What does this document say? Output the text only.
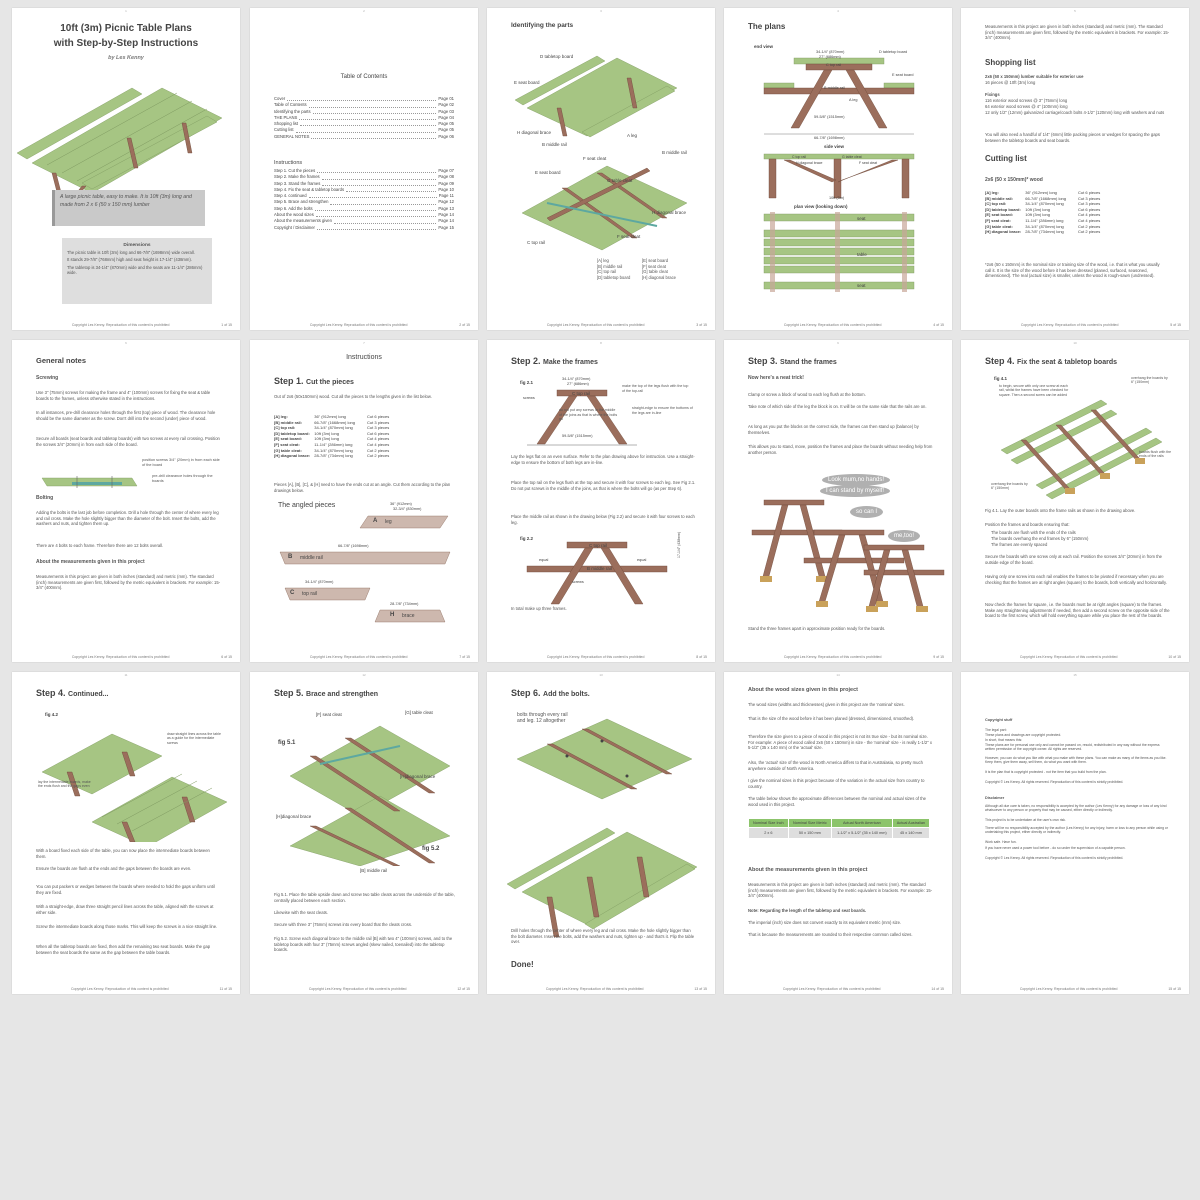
1
10ft (3m) Picnic Table Plans
with Step-by-Step Instructions
by Les Kenny
A large picnic table, easy to make. It is 10ft (3m) long and made from 2 x 6 (50 x 150 mm) lumber
Dimensions
The picnic table is 10ft (3m) long and 66-7/8" (1698mm) wide overall.
It stands 29-7/8" (768mm) high and seat height is 17-1/4" (438mm).
The tabletop is 34-1/4" (870mm) wide and the seats are 11-1/4" (286mm) wide.
Copyright Les Kenny. Reproduction of this content is prohibited	1 of 15
2
Table of Contents
Cover	Page 01
Table of Contents	Page 02
Identifying the parts	Page 03
THE PLANS	Page 04
Shopping list	Page 05
Cutting list	Page 05
GENERAL NOTES	Page 06
Instructions
Step 1. Cut the pieces	Page 07
Step 2. Make the frames	Page 08
Step 3. Stand the frames	Page 09
Step 4. Fix the seat & tabletop boards	Page 10
Step 4. continued	Page 11
Step 5. Brace and strengthen	Page 12
Step 6. Add the bolts	Page 13
About the wood sizes	Page 14
About the measurements given	Page 14
Copyright / Disclaimer	Page 15
Copyright Les Kenny. Reproduction of this content is prohibited	2 of 15
3
Identifying the parts
D tabletop board
E seat board
H diagonal brace
B middle rail
A leg
E seat board
F seat cleat
G table cleat
H diagonal brace
C top rail
F seat cleat
B middle rail
[A] leg
[B] middle rail
[C] top rail
[D] tabletop board
[E] seat board
[F] seat cleat
[G] table cleat
[H] diagonal brace
Copyright Les Kenny. Reproduction of this content is prohibited	3 of 15
4
The plans
end view
34-1/4" (870mm)
27" (686mm)
59-5/8" (1515mm)
66-7/8" (1698mm)
D tabletop board
C top rail
E seat board
B middle rail
A leg
side view
C top rail	G table cleat
H diagonal brace	F seat cleat
10ft (3m)
plan view (looking down)
seat
table
seat
Copyright Les Kenny. Reproduction of this content is prohibited	4 of 15
5
Measurements in this project are given in both inches (standard) and metric (mm). The standard (inch) measurements are given first, followed by the metric equivalent in brackets. For example: 15-3/4" (400mm).
Shopping list
2x6 (50 x 150mm) lumber suitable for exterior use
16 pieces @ 10ft (3m) long
Fixings
116 exterior wood screws @ 3" (75mm) long
64 exterior wood screws @ 4" (100mm) long
12 only 1/2" (12mm) galvanized carriage/coach bolts 4-1/2" (120mm) long with washers and nuts
You will also need a handful of 1/4" (6mm) little packing pieces or wedges for spacing the gaps between the tabletop boards and seat boards.
Cutting list
2x6 (50 x 150mm)* wood
[A] leg:	36" (912mm) long	Cut 6 pieces
[B] middle rail:	66-7/8" (1668mm) long	Cut 3 pieces
[C] top rail:	34-1/4" (870mm) long	Cut 3 pieces
[D] tabletop board:	10ft (3m) long	Cut 6 pieces
[E] seat board:	10ft (3m) long	Cut 4 pieces
[F] seat cleat:	11-1/4" (286mm) long	Cut 4 pieces
[G] table cleat:	34-1/4" (870mm) long	Cut 2 pieces
[H] diagonal brace:	28-7/8" (734mm) long	Cut 2 pieces
*2x6 (50 x 150mm) is the nominal size or training size of the wood, i.e. that is what you usually call it. It is the size of the wood before it has been dressed (planed, surfaced, seasoned, dimensioned). The real (actual size) is smaller, unless the wood is rough-sawn (undressed).
Copyright Les Kenny. Reproduction of this content is prohibited	5 of 15
6
General notes
Screwing
Use 3" (75mm) screws for making the frame and 4" (100mm) screws for fixing the seat & table boards to the frames, unless otherwise stated in the instructions.
In all instances, pre-drill clearance holes through the first (top) piece of wood. The clearance hole should be the same diameter as the screw. Don't drill into the second (under) piece of wood.
Secure all boards (seat boards and tabletop boards) with two screws at every rail crossing. Position the screws 3/4" (20mm) in from each side of the board.
position screws 3/4" (20mm) in from each side of the board
pre-drill clearance holes through the boards
Bolting
Adding the bolts is the last job before completion. Drill a hole through the center of where every leg and rail cross. Make the hole slightly bigger than the diameter of the bolt. Insert the bolts, add the washers and nuts, and tighten them up.
There are 4 bolts to each frame. Therefore there are 12 bolts overall.
About the measurements given in this project
Measurements in this project are given in both inches (standard) and metric (mm). The standard (inch) measurements are given first, followed by the metric equivalent in brackets. For example: 15-3/4" (400mm).
Copyright Les Kenny. Reproduction of this content is prohibited	6 of 15
7
Instructions
Step 1. Cut the pieces
Out of 2x6 (50x150mm) wood. Cut all the pieces to the lengths given in the list below.
[A] leg:	36" (912mm) long	Cut 6 pieces
[B] middle rail:	66-7/8" (1668mm) long	Cut 3 pieces
[C] top rail:	34-1/4" (870mm) long	Cut 3 pieces
[D] tabletop board:	10ft (3m) long	Cut 6 pieces
[E] seat board:	10ft (3m) long	Cut 4 pieces
[F] seat cleat:	11-1/4" (286mm) long	Cut 4 pieces
[G] table cleat:	34-1/4" (870mm) long	Cut 2 pieces
[H] diagonal brace:	28-7/8" (734mm) long	Cut 2 pieces
Pieces [A], [B], [C], & [H] need to have the ends cut at an angle. Cut them according to the plan drawings below.
The angled pieces	36" (912mm)
32-3/4" (830mm)
A leg
66-7/8" (1698mm)
B middle rail
34-1/4" (870mm)
C top rail
28-7/8" (734mm)
H brace
Copyright Les Kenny. Reproduction of this content is prohibited	7 of 15
8
Step 2. Make the frames
fig 2.1
34-1/4" (870mm)
27" (686mm)
C top rail
screws
make the top of the legs flush with the top of the top-rail
straight-edge to ensure the bottoms of the legs are in-line
do not put any screws in the middle of the joins as that is where the bolts go
59-5/8" (1515mm)
Lay the legs flat on an even surface. Refer to the plan drawing above for instruction. Use a straight-edge to ensure the bottom of both legs are in-line.
Place the top rail on the legs flush at the top and secure it with four screws to each leg. See Fig 2.1. Do not put screws in the middle of the joins, as that is where the bolts will go (as per Step 6).
Place the middle rail as shown in the drawing below (Fig 2.2) and secure it with four screws to each leg.
fig 2.2
C top rail
equal	equal
B middle rail
screws
17-1/4" (438mm)
In total make up three frames.
Copyright Les Kenny. Reproduction of this content is prohibited	8 of 15
9
Step 3. Stand the frames
Now here's a neat trick!
Clamp or screw a block of wood to each leg flush at the bottom.
Take note of which side of the leg the block is on. It will be on the same side that the rails are on.
As long as you put the blocks on the correct side, the frames can then stand up (balance) by themselves.
This allows you to stand, move, position the frames and place the boards without needing help from another person.
Look mum,no hands!
I can stand by myself!
so can I
me,too!
Stand the three frames apart in approximate position ready for the boards.
Copyright Les Kenny. Reproduction of this content is prohibited	9 of 15
10
Step 4. Fix the seat & tabletop boards
fig 4.1
to begin, secure with only one screw at each rail, whilst the frames have been checked for square. Then a second screw can be added
overhang the boards by 6" (150mm)
boards flush with the ends of the rails
overhang the boards by 6" (150mm)
Fig 4.1. Lay the outer boards onto the frame rails as shown in the drawing above.
Position the frames and boards ensuring that:
The boards are flush with the ends of the rails
The boards overhang the end frames by 6" (150mm)
The frames are evenly spaced
Secure the boards with one screw only at each rail. Position the screws 3/4" (20mm) in from the outside edge of the board.
Having only one screw into each rail enables the frames to be pivoted if necessary when you are checking that the frames are at right angles (square) to the boards, both vertically and horizontally.
Now check the frames for square, i.e. the boards must be at right angles (square) to the frames. Make any straightening adjustments if needed, then add a second screw on the opposite side of the board to the first screw, which will hold everything square while you place the rest of the boards.
Copyright Les Kenny. Reproduction of this content is prohibited	10 of 15
11
Step 4. Continued...
fig 4.2
draw straight lines across the table as a guide for the intermediate screws
lay the intermediate boards, make the ends flush and the gaps even
With a board fixed each side of the table, you can now place the intermediate boards between them.
Ensure the boards are flush at the ends and the gaps between the boards are even.
You can put packers or wedges between the boards where needed to hold the gaps uniform until they are fixed.
With a straight-edge, draw three straight pencil lines across the table, aligned with the screws at either side.
Screw the intermediate boards along those marks. This will keep the screws in a nice straight line.
When all the tabletop boards are fixed, then add the remaining two seat boards. Make the gap between the seat boards the same as the gap between the table boards.
Copyright Les Kenny. Reproduction of this content is prohibited	11 of 15
12
Step 5. Brace and strengthen
[F] seat cleat	[G] table cleat
fig 5.1
[H]diagonal brace
[H]diagonal brace
fig 5.2
[B] middle rail
Fig 5.1. Place the table upside down and screw two table cleats across the underside of the table, centrally placed between each section.
Likewise with the seat cleats.
Secure with three 3" (75mm) screws into every board that the cleats cross.
Fig 5.2. Screw each diagonal brace to the middle rail [B] with two 4" (100mm) screws, and to the tabletop boards with four 3" (75mm) screws angled (skew nailed, toenailed) into the tabletop boards.
Copyright Les Kenny. Reproduction of this content is prohibited	12 of 15
13
Step 6. Add the bolts.
bolts through every rail and leg. 12 altogether
Drill holes through the center of where every leg and rail cross. Make the hole slightly bigger than the bolt diameter. Insert the bolts, add the washers and nuts, tighten up - and that's it. Flip the table over.
Done!
Copyright Les Kenny. Reproduction of this content is prohibited	13 of 15
14
About the wood sizes given in this project
The wood sizes (widths and thicknesses) given in this project are the 'nominal' sizes.
That is the size of the wood before it has been planed (dressed, dimensioned, smoothed).
Therefore the size given to a piece of wood in this project is not its true size - but its nominal size. For example: A piece of wood called 2x6 (50 x 150mm) in size - the 'nominal' size - is really 1-1/2" x 5-1/2" (35 x 140 mm) or the 'actual' size.
Also, the 'actual' size of the wood in North America differs to that in Australasia, so pretty much anywhere outside of North America.
I give the nominal sizes in this project because of the variation in the actual size from country to country.
The table below shows the approximate differences between the nominal and actual sizes of the wood used in this project.
Nominal Size Inch	Nominal Size Metric	Actual North American	Actual Australian
2 x 6	50 x 150 mm	1-1/2" x 5-1/2" (35 x 140 mm)	45 x 140 mm
About the measurements given in this project
Measurements in this project are given in both inches (standard) and metric (mm). The standard (inch) measurements are given first, followed by the metric equivalent in brackets. For example: 15-3/4" (400mm).
Note: Regarding the length of the tabletop and seat boards.
The imperial (inch) size does not convert exactly to its equivalent metric (mm) size.
That is because the measurements are rounded to their respective common called sizes.
Copyright Les Kenny. Reproduction of this content is prohibited	14 of 15
15
Copyright stuff
The legal part:
These plans and drawings are copyright protected.
In short, that means this:
These plans are for personal use only and cannot be passed on, resold, redistributed in any way without the express written permission of the copyright owner. All rights are reserved.
However, you can do what you like with what you make with these plans. You can make as many of the items as you like. Keep them, give them away, sell them, do what you want with them.
It is the plan that is copyright protected - not the item that you build from the plan.
Copyright © Les Kenny. All rights reserved. Reproduction of this content is strictly prohibited.
Disclaimer
Although all due care is taken, no responsibility is accepted by the author (Les Kenny) for any damage or loss of any kind whatsoever to any person or property that may be caused, either directly or indirectly.
This project is to be undertaken at the user's own risk.
There will be no responsibility accepted by the author (Les Kenny) for any injury, harm or loss to any person while using or undertaking this project, either directly or indirectly.
Work safe. Have fun.
If you have never used a power tool before - do so under the supervision of a capable person.
Copyright © Les Kenny. All rights reserved. Reproduction of this content is strictly prohibited.
Copyright Les Kenny. Reproduction of this content is prohibited	15 of 15
